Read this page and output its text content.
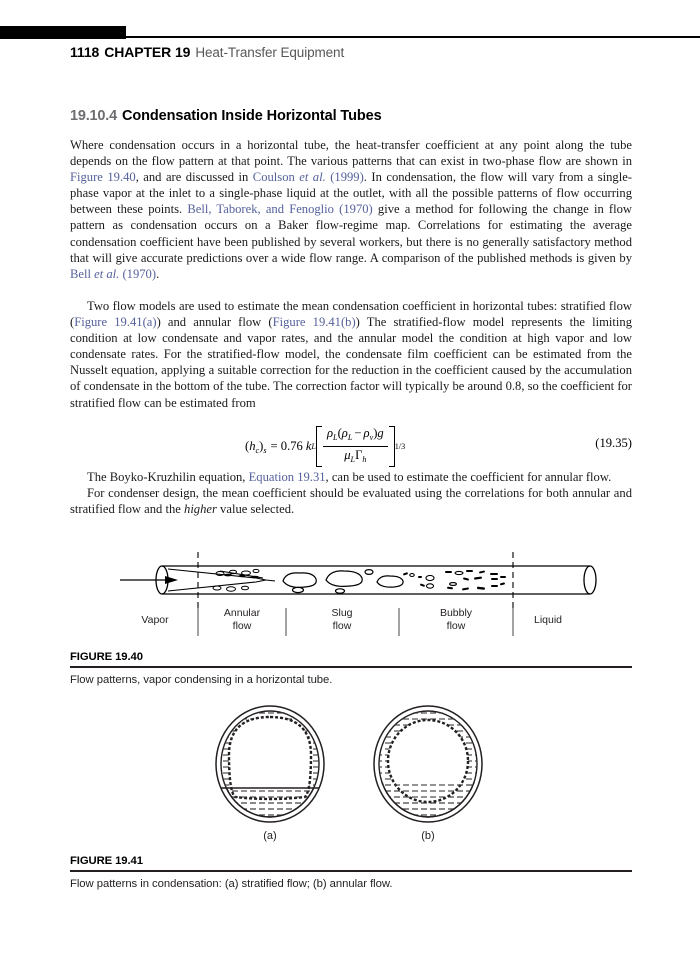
1118 CHAPTER 19 Heat-Transfer Equipment
19.10.4 Condensation Inside Horizontal Tubes

Where condensation occurs in a horizontal tube, the heat-transfer coefficient at any point along the tube depends on the flow pattern at that point. The various patterns that can exist in two-phase flow are shown in Figure 19.40, and are discussed in Coulson et al. (1999). In condensation, the flow will vary from a single-phase vapor at the inlet to a single-phase liquid at the outlet, with all the possible patterns of flow occurring between these points. Bell, Taborek, and Fenoglio (1970) give a method for following the change in flow pattern as condensation occurs on a Baker flow-regime map. Correlations for estimating the average condensation coefficient have been published by several workers, but there is no generally satisfactory method that will give accurate predictions over a wide flow range. A comparison of the published methods is given by Bell et al. (1970).

Two flow models are used to estimate the mean condensation coefficient in horizontal tubes: stratified flow (Figure 19.41(a)) and annular flow (Figure 19.41(b)) The stratified-flow model represents the limiting condition at low condensate and vapor rates, and the annular model the condition at high vapor and low condensate rates. For the stratified-flow model, the condensate film coefficient can be estimated from the Nusselt equation, applying a suitable correction for the reduction in the coefficient caused by the accumulation of condensate in the bottom of the tube. The correction factor will typically be around 0.8, so the coefficient for stratified flow can be estimated from

$(h_c)_s = 0.76$ k L $\frac{\rho_L(\rho_L - \rho_v)g}{\mu_L\Gamma_h} 1/3$	(19.35)

The Boyko-Kruzhilin equation, Equation 19.31, can be used to estimate the coefficient for annular flow.

For condenser design, the mean coefficient should be evaluated using the correlations for both annular and stratified flow and the higher value selected.

Vapor
Annular
flow
Slug
flow
Bubbly
flow	Liquid
FIGURE 19.40
Flow patterns, vapor condensing in a horizontal tube.
(a)	(b)
FIGURE 19.41
Flow patterns in condensation: (a) stratified flow; (b) annular flow.
